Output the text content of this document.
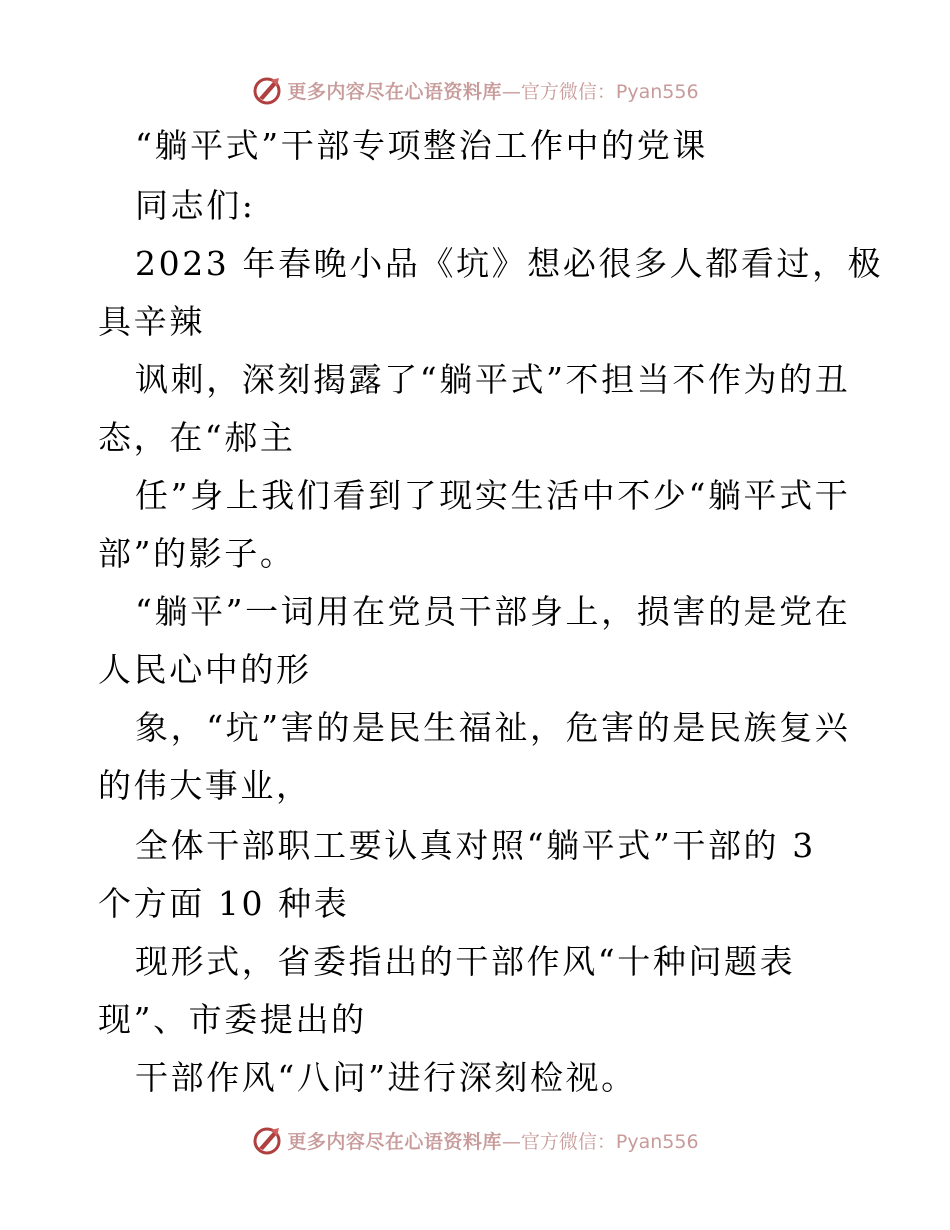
更多内容尽在心语资料库 —官方微信：Pyan556
“躺平式”干部专项整治工作中的党课
同志们:
2023 年春晚小品《坑》想必很多人都看过，极
具辛辣
讽刺，深刻揭露了“躺平式”不担当不作为的丑
态，在“郝主
任”身上我们看到了现实生活中不少“躺平式干
部”的影子。
“躺平”一词用在党员干部身上，损害的是党在
人民心中的形
象，“坑”害的是民生福祉，危害的是民族复兴
的伟大事业，
全体干部职工要认真对照“躺平式”干部的 3
个方面 10 种表
现形式，省委指出的干部作风“十种问题表
现”、市委提出的
干部作风“八问”进行深刻检视。
更多内容尽在心语资料库 —官方微信：Pyan556
